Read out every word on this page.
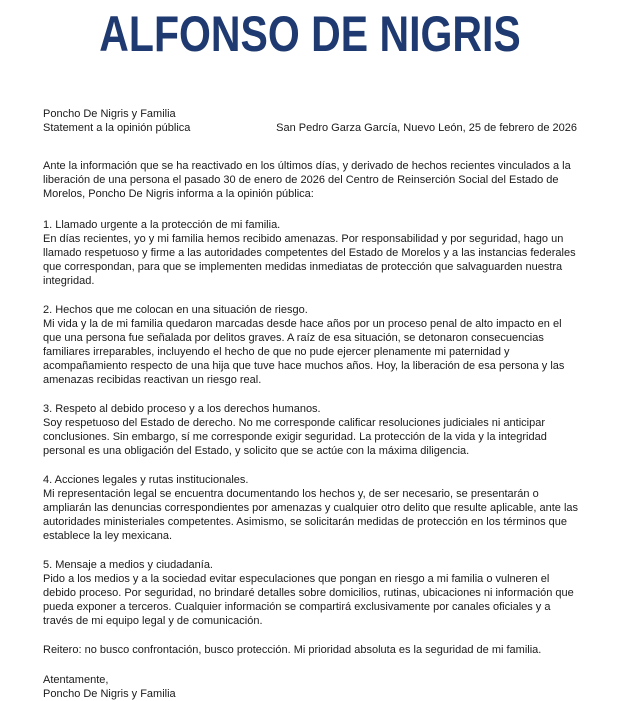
ALFONSO DE NIGRIS
Poncho De Nigris y Familia
Statement a la opinión pública	San Pedro Garza García, Nuevo León, 25 de febrero de 2026

Ante la información que se ha reactivado en los últimos días, y derivado de hechos recientes vinculados a la liberación de una persona el pasado 30 de enero de 2026 del Centro de Reinserción Social del Estado de Morelos, Poncho De Nigris informa a la opinión pública:

1. Llamado urgente a la protección de mi familia.

En días recientes, yo y mi familia hemos recibido amenazas. Por responsabilidad y por seguridad, hago un llamado respetuoso y firme a las autoridades competentes del Estado de Morelos y a las instancias federales que correspondan, para que se implementen medidas inmediatas de protección que salvaguarden nuestra integridad.

2. Hechos que me colocan en una situación de riesgo.

Mi vida y la de mi familia quedaron marcadas desde hace años por un proceso penal de alto impacto en el que una persona fue señalada por delitos graves. A raíz de esa situación, se detonaron consecuencias familiares irreparables, incluyendo el hecho de que no pude ejercer plenamente mi paternidad y acompañamiento respecto de una hija que tuve hace muchos años. Hoy, la liberación de esa persona y las amenazas recibidas reactivan un riesgo real.

3. Respeto al debido proceso y a los derechos humanos.

Soy respetuoso del Estado de derecho. No me corresponde calificar resoluciones judiciales ni anticipar conclusiones. Sin embargo, sí me corresponde exigir seguridad. La protección de la vida y la integridad personal es una obligación del Estado, y solicito que se actúe con la máxima diligencia.

4. Acciones legales y rutas institucionales.

Mi representación legal se encuentra documentando los hechos y, de ser necesario, se presentarán o ampliarán las denuncias correspondientes por amenazas y cualquier otro delito que resulte aplicable, ante las autoridades ministeriales competentes. Asimismo, se solicitarán medidas de protección en los términos que establece la ley mexicana.

5. Mensaje a medios y ciudadanía.

Pido a los medios y a la sociedad evitar especulaciones que pongan en riesgo a mi familia o vulneren el debido proceso. Por seguridad, no brindaré detalles sobre domicilios, rutinas, ubicaciones ni información que pueda exponer a terceros. Cualquier información se compartirá exclusivamente por canales oficiales y a través de mi equipo legal y de comunicación.

Reitero: no busco confrontación, busco protección. Mi prioridad absoluta es la seguridad de mi familia.

Atentamente,
Poncho De Nigris y Familia
